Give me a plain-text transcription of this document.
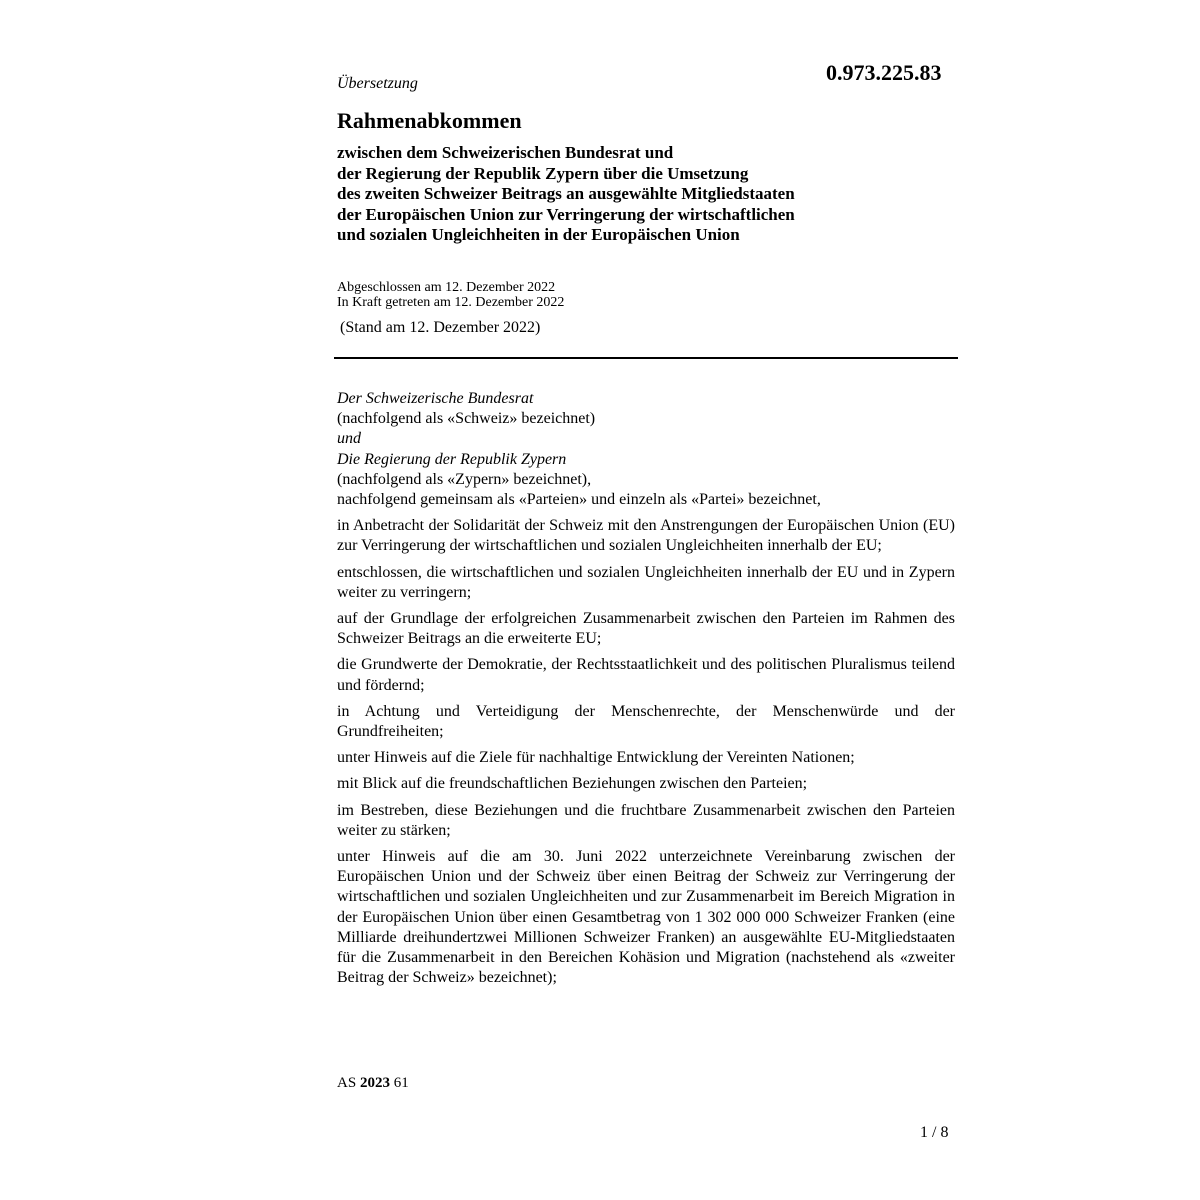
0.973.225.83
Übersetzung
Rahmenabkommen
zwischen dem Schweizerischen Bundesrat und
der Regierung der Republik Zypern über die Umsetzung
des zweiten Schweizer Beitrags an ausgewählte Mitgliedstaaten
der Europäischen Union zur Verringerung der wirtschaftlichen
und sozialen Ungleichheiten in der Europäischen Union
Abgeschlossen am 12. Dezember 2022
In Kraft getreten am 12. Dezember 2022
(Stand am 12. Dezember 2022)
Der Schweizerische Bundesrat
(nachfolgend als «Schweiz» bezeichnet)
und
Die Regierung der Republik Zypern
(nachfolgend als «Zypern» bezeichnet),
nachfolgend gemeinsam als «Parteien» und einzeln als «Partei» bezeichnet,

in Anbetracht der Solidarität der Schweiz mit den Anstrengungen der Europäischen Union (EU) zur Verringerung der wirtschaftlichen und sozialen Ungleichheiten innerhalb der EU;

entschlossen, die wirtschaftlichen und sozialen Ungleichheiten innerhalb der EU und in Zypern weiter zu verringern;

auf der Grundlage der erfolgreichen Zusammenarbeit zwischen den Parteien im Rahmen des Schweizer Beitrags an die erweiterte EU;

die Grundwerte der Demokratie, der Rechtsstaatlichkeit und des politischen Pluralismus teilend und fördernd;

in Achtung und Verteidigung der Menschenrechte, der Menschenwürde und der Grundfreiheiten;

unter Hinweis auf die Ziele für nachhaltige Entwicklung der Vereinten Nationen;

mit Blick auf die freundschaftlichen Beziehungen zwischen den Parteien;

im Bestreben, diese Beziehungen und die fruchtbare Zusammenarbeit zwischen den Parteien weiter zu stärken;

unter Hinweis auf die am 30. Juni 2022 unterzeichnete Vereinbarung zwischen der Europäischen Union und der Schweiz über einen Beitrag der Schweiz zur Verringerung der wirtschaftlichen und sozialen Ungleichheiten und zur Zusammenarbeit im Bereich Migration in der Europäischen Union über einen Gesamtbetrag von 1 302 000 000 Schweizer Franken (eine Milliarde dreihundertzwei Millionen Schweizer Franken) an ausgewählte EU-Mitgliedstaaten für die Zusammenarbeit in den Bereichen Kohäsion und Migration (nachstehend als «zweiter Beitrag der Schweiz» bezeichnet);

AS 2023 61
1 / 8
